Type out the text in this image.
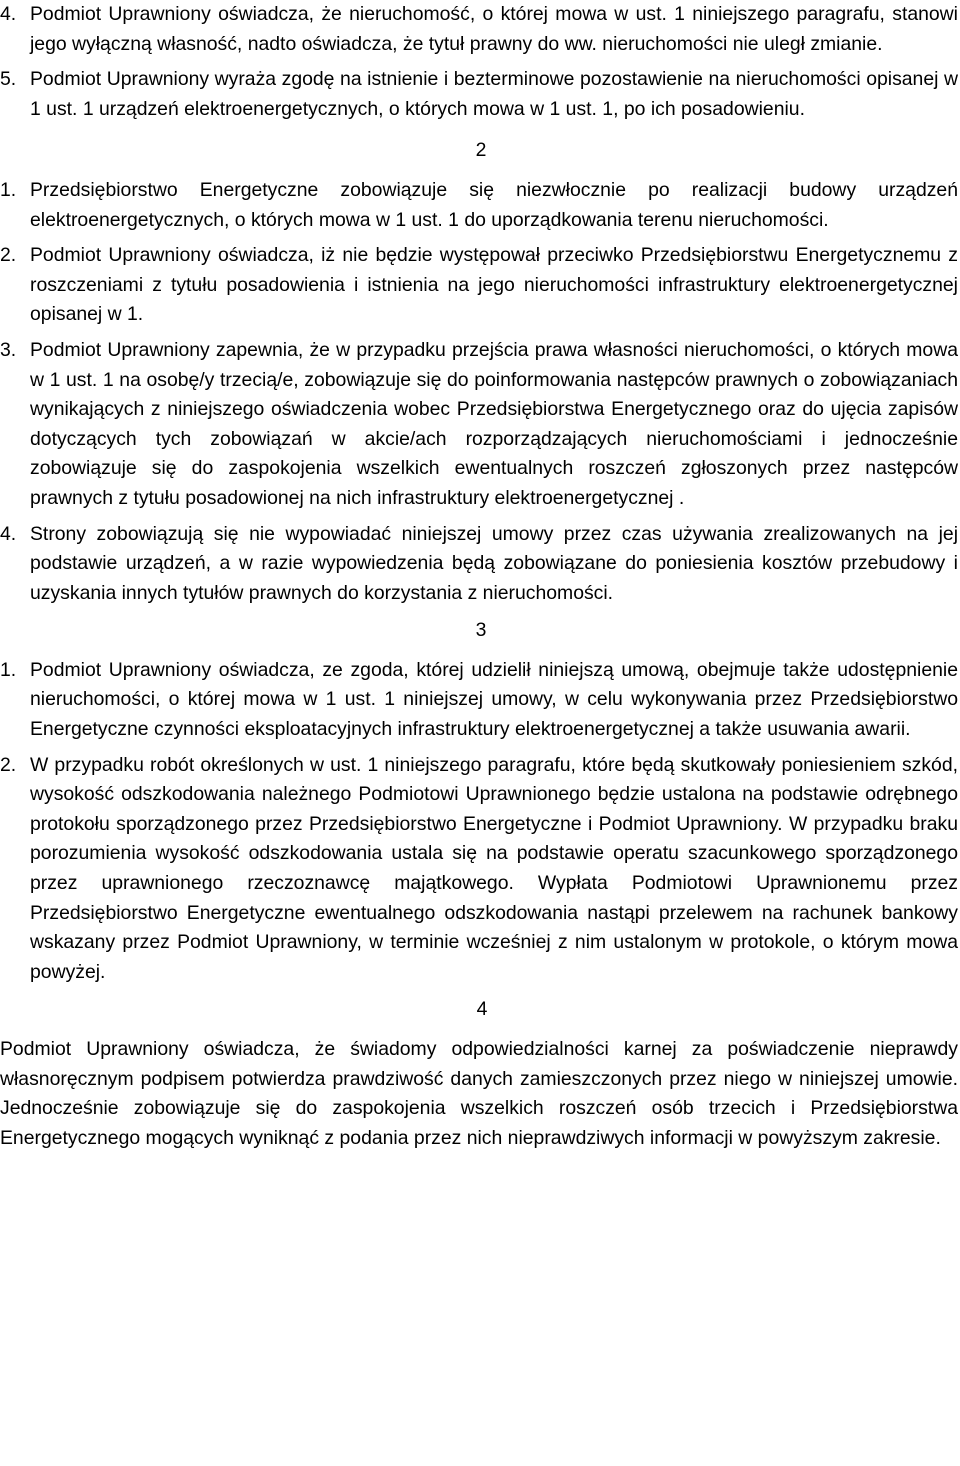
4. Podmiot Uprawniony oświadcza, że nieruchomość, o której mowa w ust. 1 niniejszego paragrafu, stanowi jego wyłączną własność, nadto oświadcza, że tytuł prawny do ww. nieruchomości nie uległ zmianie.
5. Podmiot Uprawniony wyraża zgodę na istnienie i bezterminowe pozostawienie na nieruchomości opisanej w 1 ust. 1 urządzeń elektroenergetycznych, o których mowa w 1 ust. 1, po ich posadowieniu.
2
1. Przedsiębiorstwo Energetyczne zobowiązuje się niezwłocznie po realizacji budowy urządzeń elektroenergetycznych, o których mowa w 1 ust. 1 do uporządkowania terenu nieruchomości.
2. Podmiot Uprawniony oświadcza, iż nie będzie występował przeciwko Przedsiębiorstwu Energetycznemu z roszczeniami z tytułu posadowienia i istnienia na jego nieruchomości infrastruktury elektroenergetycznej opisanej w 1.
3. Podmiot Uprawniony zapewnia, że w przypadku przejścia prawa własności nieruchomości, o których mowa w 1 ust. 1 na osobę/y trzecią/e, zobowiązuje się do poinformowania następców prawnych o zobowiązaniach wynikających z niniejszego oświadczenia wobec Przedsiębiorstwa Energetycznego oraz do ujęcia zapisów dotyczących tych zobowiązań w akcie/ach rozporządzających nieruchomościami i jednocześnie zobowiązuje się do zaspokojenia wszelkich ewentualnych roszczeń zgłoszonych przez następców prawnych z tytułu posadowionej na nich infrastruktury elektroenergetycznej .
4. Strony zobowiązują się nie wypowiadać niniejszej umowy przez czas używania zrealizowanych na jej podstawie urządzeń, a w razie wypowiedzenia będą zobowiązane do poniesienia kosztów przebudowy i uzyskania innych tytułów prawnych do korzystania z nieruchomości.
3
1. Podmiot Uprawniony oświadcza, ze zgoda, której udzielił niniejszą umową, obejmuje także udostępnienie nieruchomości, o której mowa w 1 ust. 1 niniejszej umowy, w celu wykonywania przez Przedsiębiorstwo Energetyczne czynności eksploatacyjnych infrastruktury elektroenergetycznej a także usuwania awarii.
2. W przypadku robót określonych w ust. 1 niniejszego paragrafu, które będą skutkowały poniesieniem szkód, wysokość odszkodowania należnego Podmiotowi Uprawnionego będzie ustalona na podstawie odrębnego protokołu sporządzonego przez Przedsiębiorstwo Energetyczne i Podmiot Uprawniony. W przypadku braku porozumienia wysokość odszkodowania ustala się na podstawie operatu szacunkowego sporządzonego przez uprawnionego rzeczoznawcę majątkowego. Wypłata Podmiotowi Uprawnionemu przez Przedsiębiorstwo Energetyczne ewentualnego odszkodowania nastąpi przelewem na rachunek bankowy wskazany przez Podmiot Uprawniony, w terminie wcześniej z nim ustalonym w protokole, o którym mowa powyżej.
4
Podmiot Uprawniony oświadcza, że świadomy odpowiedzialności karnej za poświadczenie nieprawdy własnoręcznym podpisem potwierdza prawdziwość danych zamieszczonych przez niego w niniejszej umowie. Jednocześnie zobowiązuje się do zaspokojenia wszelkich roszczeń osób trzecich i Przedsiębiorstwa Energetycznego mogących wyniknąć z podania przez nich nieprawdziwych informacji w powyższym zakresie.
